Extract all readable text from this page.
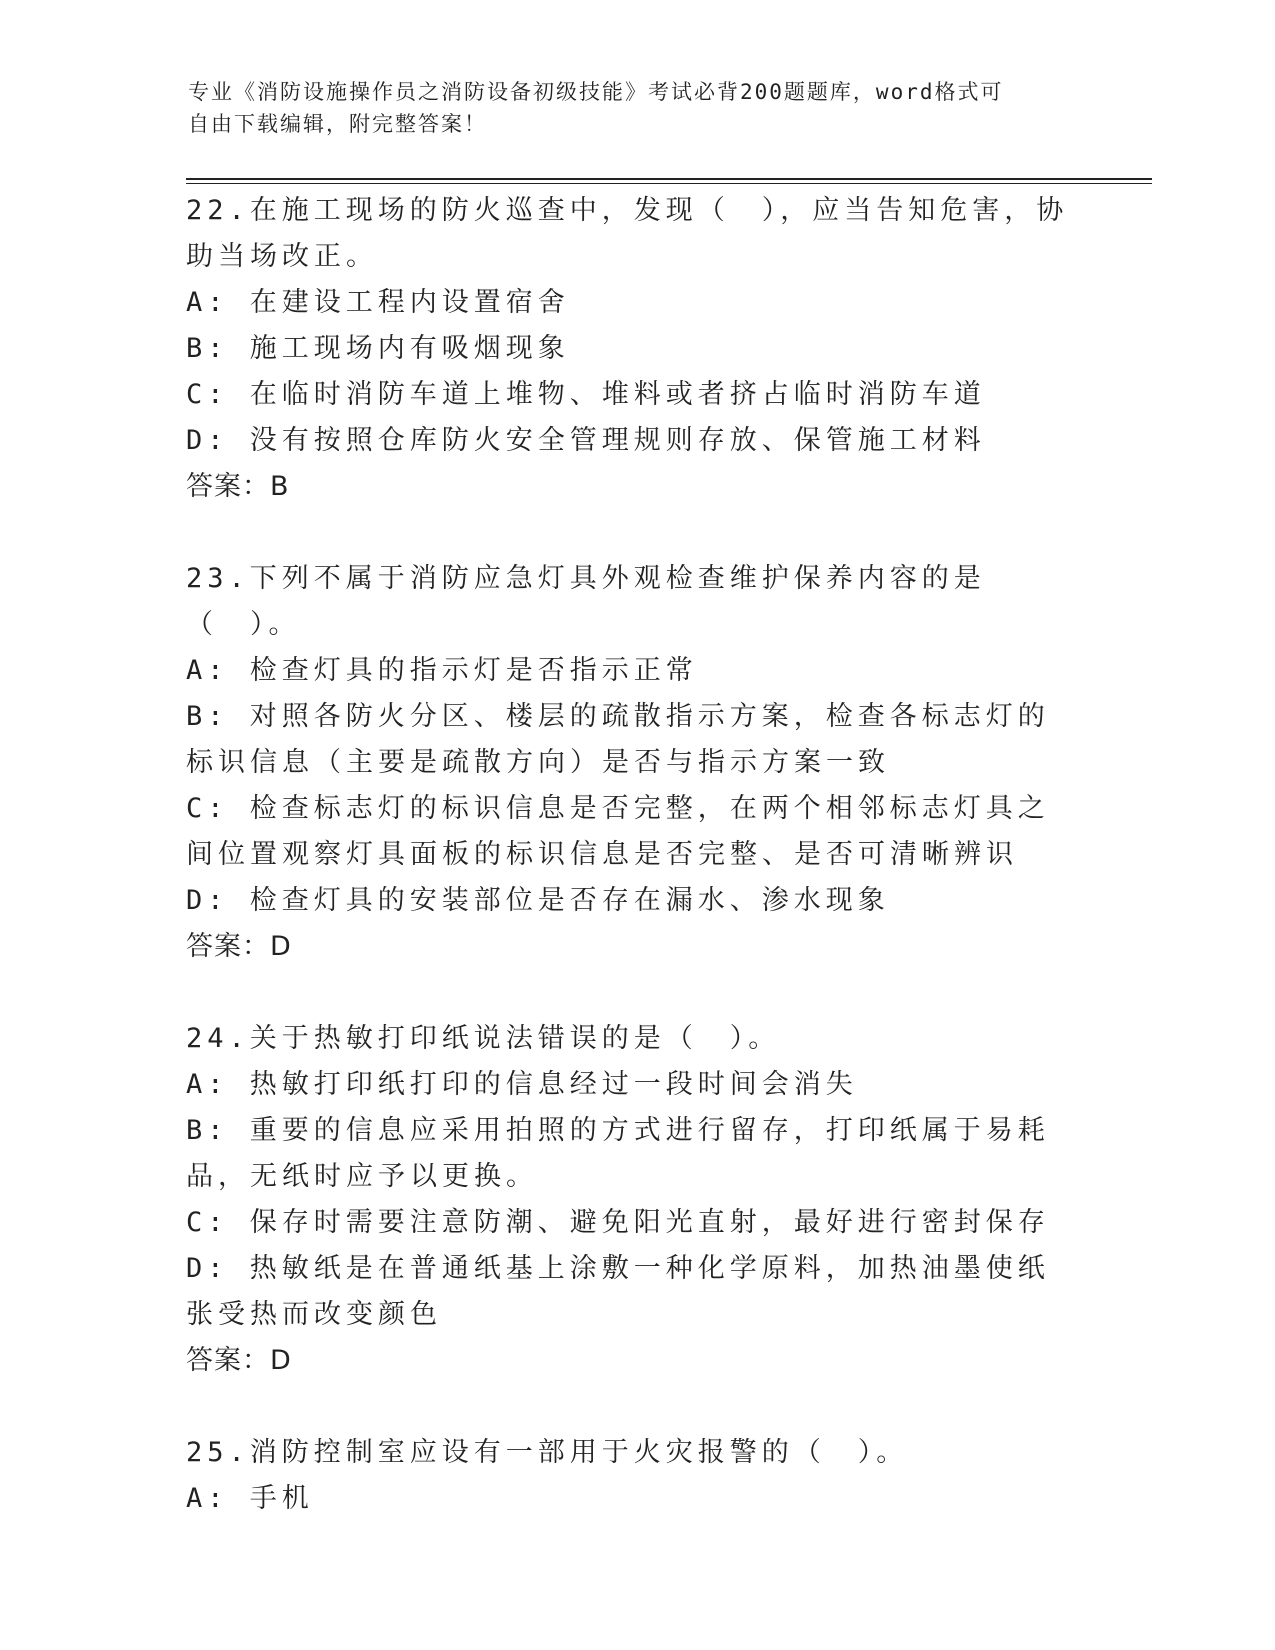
专业《消防设施操作员之消防设备初级技能》考试必背200题题库，word格式可
自由下载编辑，附完整答案！
22.在施工现场的防火巡查中，发现（　），应当告知危害，协助当场改正。
A: 在建设工程内设置宿舍
B: 施工现场内有吸烟现象
C: 在临时消防车道上堆物、堆料或者挤占临时消防车道
D: 没有按照仓库防火安全管理规则存放、保管施工材料
答案：B
23.下列不属于消防应急灯具外观检查维护保养内容的是（　）。
A: 检查灯具的指示灯是否指示正常
B: 对照各防火分区、楼层的疏散指示方案，检查各标志灯的标识信息（主要是疏散方向）是否与指示方案一致
C: 检查标志灯的标识信息是否完整，在两个相邻标志灯具之间位置观察灯具面板的标识信息是否完整、是否可清晰辨识
D: 检查灯具的安装部位是否存在漏水、渗水现象
答案：D
24.关于热敏打印纸说法错误的是（　）。
A: 热敏打印纸打印的信息经过一段时间会消失
B: 重要的信息应采用拍照的方式进行留存，打印纸属于易耗品，无纸时应予以更换。
C: 保存时需要注意防潮、避免阳光直射，最好进行密封保存
D: 热敏纸是在普通纸基上涂敷一种化学原料，加热油墨使纸张受热而改变颜色
答案：D
25.消防控制室应设有一部用于火灾报警的（　）。
A: 手机
